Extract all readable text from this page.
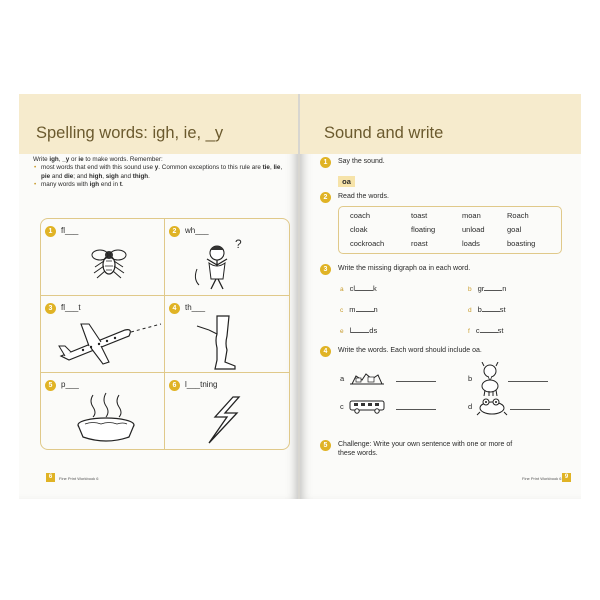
Spelling words: igh, ie, _y

Write igh, _y or ie to make words. Remember:

• most words that end with this sound use y. Common exceptions to this rule are tie, lie, pie and die; and high, sigh and thigh.
• many words with igh end in t.
1	fl___	2	wh___
?
3	fl___t	4	th___
5	p___	6	l___tning
6	Fine Print Workbook 6
Sound and write
1	Say the sound.
oa
2	Read the words.
coach	toast	moan	Roach
cloak	floating	unload	goal
cockroach	roast	loads	boasting
3	Write the missing digraph oa in each word.
a cl k	b gr n
c m n	d b st
e l ds	f c st
4	Write the words. Each word should include oa.
a	b
c	d
5	Challenge: Write your own sentence with one or more of
these words.
Fine Print Workbook 6 9
